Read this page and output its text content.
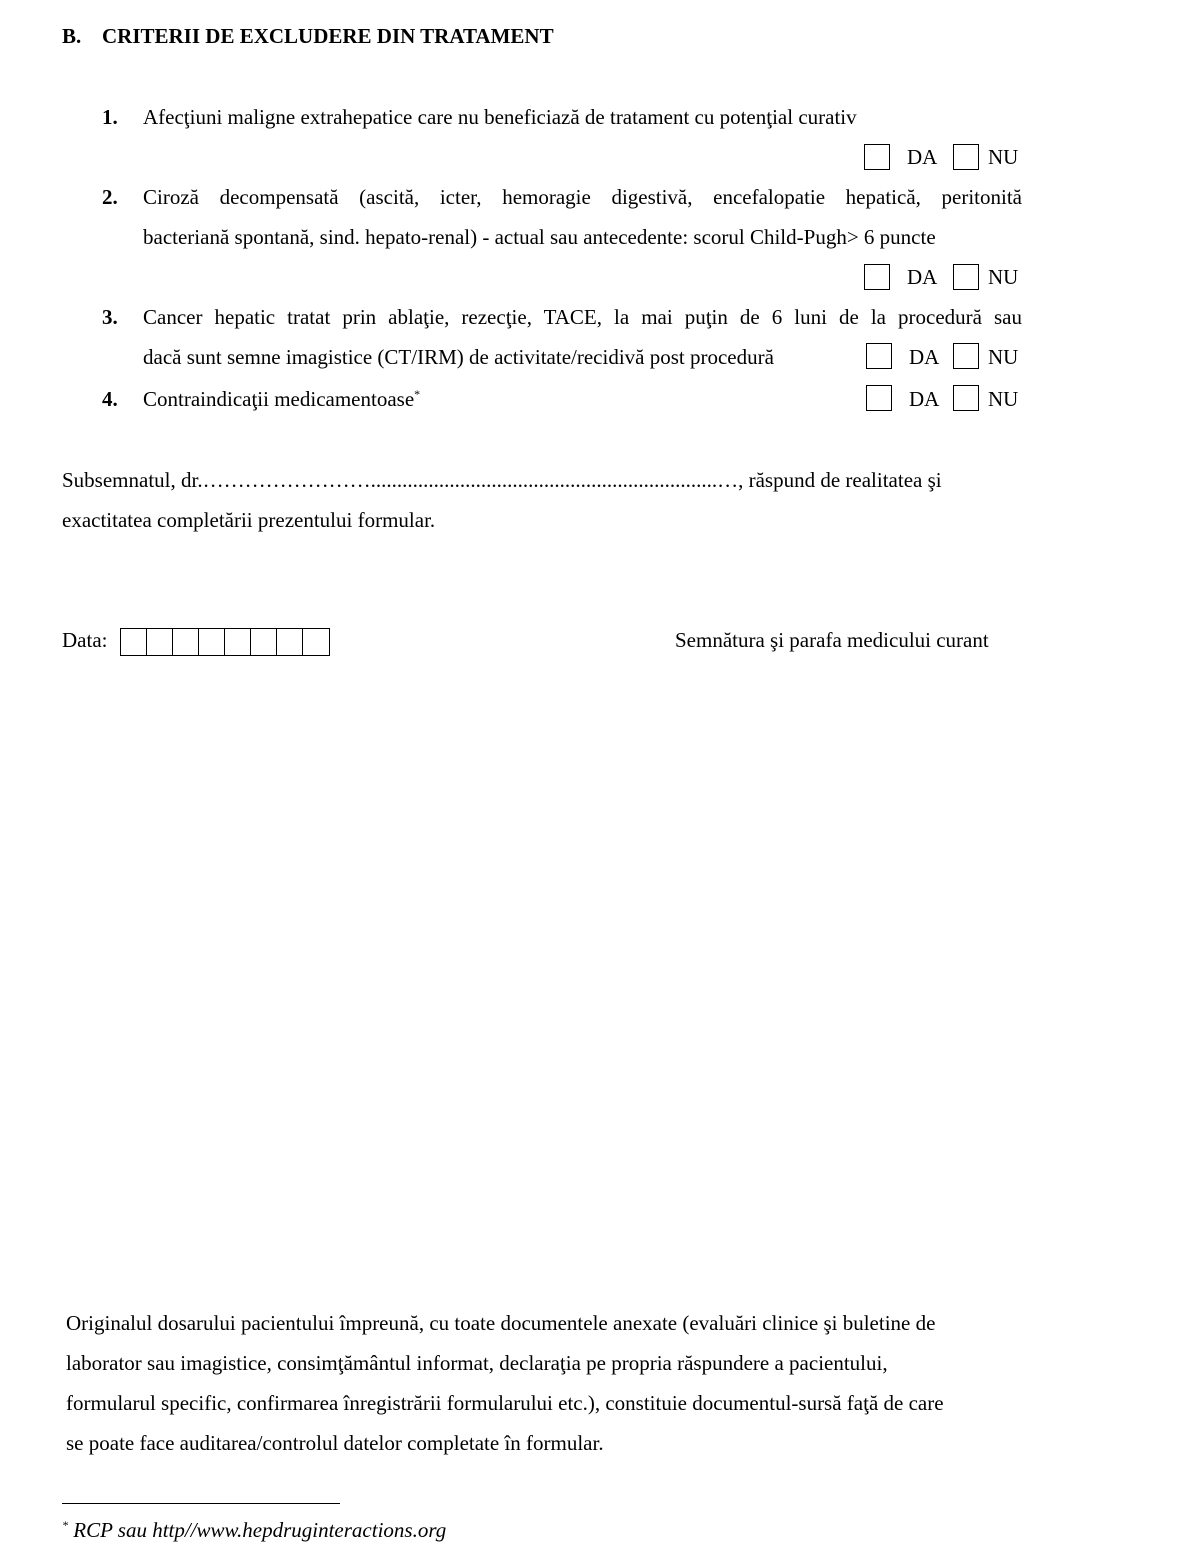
B. CRITERII DE EXCLUDERE DIN TRATAMENT
1. Afecţiuni maligne extrahepatice care nu beneficiază de tratament cu potenţial curativ
DA NU
2. Ciroză decompensată (ascită, icter, hemoragie digestivă, encefalopatie hepatică, peritonită
bacteriană spontană, sind. hepato-renal) - actual sau antecedente: scorul Child-Pugh> 6 puncte
DA NU
3. Cancer hepatic tratat prin ablaţie, rezecţie, TACE, la mai puţin de 6 luni de la procedură sau
dacă sunt semne imagistice (CT/IRM) de activitate/recidivă post procedură	DA NU
4. Contraindicaţii medicamentoase*	DA NU
Subsemnatul, dr.……………………..................................................................…, răspund de realitatea şi
exactitatea completării prezentului formular.
Data:	Semnătura şi parafa medicului curant
Originalul dosarului pacientului împreună, cu toate documentele anexate (evaluări clinice şi buletine de
laborator sau imagistice, consimţământul informat, declaraţia pe propria răspundere a pacientului,
formularul specific, confirmarea înregistrării formularului etc.), constituie documentul-sursă faţă de care
se poate face auditarea/controlul datelor completate în formular.
* RCP sau http//www.hepdruginteractions.org
